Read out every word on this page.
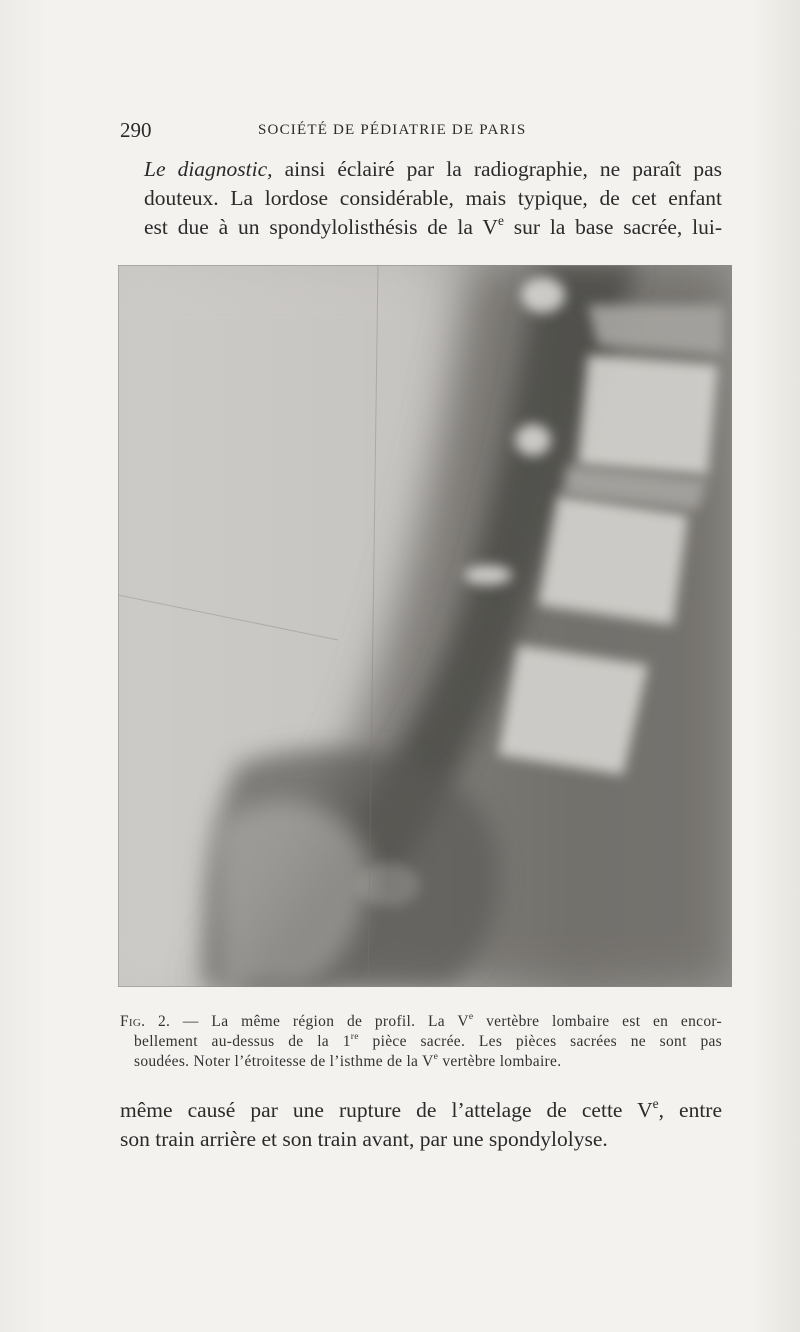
290	SOCIÉTÉ DE PÉDIATRIE DE PARIS
Le diagnostic, ainsi éclairé par la radiographie, ne paraît pas
douteux. La lordose considérable, mais typique, de cet enfant
est due à un spondylolisthésis de la Ve sur la base sacrée, lui-
Fig. 2. — La même région de profil. La Ve vertèbre lombaire est en encor-
bellement au-dessus de la 1re pièce sacrée. Les pièces sacrées ne sont pas
soudées. Noter l’étroitesse de l’isthme de la Ve vertèbre lombaire.
même causé par une rupture de l’attelage de cette Ve, entre
son train arrière et son train avant, par une spondylolyse.
